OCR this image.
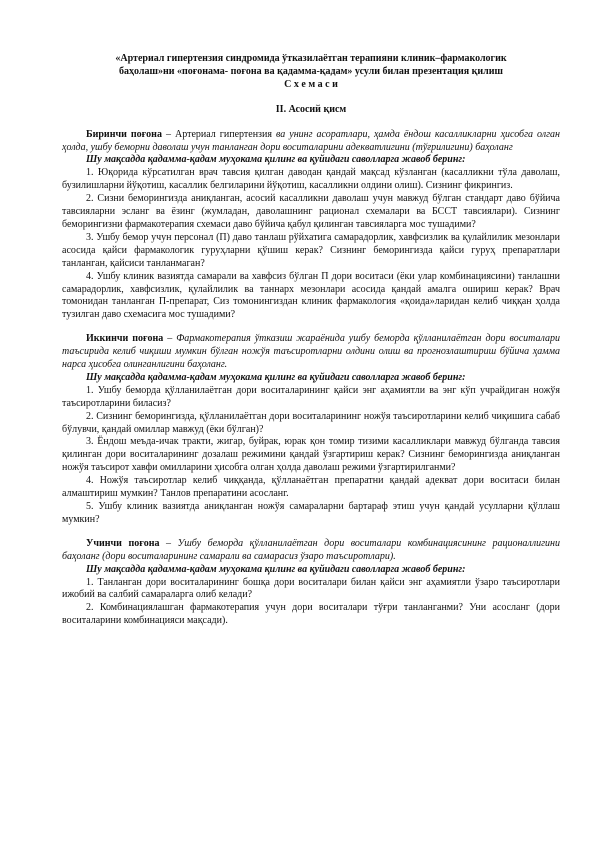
«Артериал гипертензия синдромида ўтказилаётган терапияни клиник–фармакологик
баҳолаш»ни «поғонама- поғона ва қадамма-қадам» усули билан презентация қилиш
С х е м а с и
II. Асосий қисм

Биринчи поғона – Артериал гипертензия ва унинг асоратлари, ҳамда ёндош касалликларни ҳисобга олган ҳолда, ушбу беморни даволаш учун танланган дори воситаларини адекватлигини (тўғрилигини) баҳоланг

Шу мақсадда қадамма-қадам муҳокама қилинг ва қуйидаги саволларга жавоб беринг:

1. Юқорида кўрсатилган врач тавсия қилган даводан қандай мақсад кўзланган (касалликни тўла даволаш, бузилишларни йўқотиш, касаллик белгиларини йўқотиш, касалликни олдини олиш). Сизнинг фикрингиз.

2. Сизни беморингизда аниқланган, асосий касалликни даволаш учун мавжуд бўлган стандарт даво бўйича тавсияларни эсланг ва ёзинг (жумладан, даволашнинг рационал схемалари ва БССТ тавсиялари). Сизнинг беморингизни фармакотерапия схемаси даво бўйича қабул қилинган тавсияларга мос тушадими?

3. Ушбу бемор учун персонал (П) даво танлаш рўйхатига самарадорлик, хавфсизлик ва қулайлилик мезонлари асосида қайси фармакологик гуруҳларни қўшиш керак? Сизнинг беморингизда қайси гуруҳ препаратлари танланган, қайсиси танланмаган?

4. Ушбу клиник вазиятда самарали ва хавфсиз бўлган П дори воситаси (ёки улар комбинациясини) танлашни самарадорлик, хавфсизлик, қулайлилик ва таннарх мезонлари асосида қандай амалга ошириш керак? Врач томонидан танланган П-препарат, Сиз томонингиздан клиник фармакология «қоида»ларидан келиб чиққан ҳолда тузилган даво схемасига мос тушадими?

Иккинчи поғона – Фармакотерапия ўтказиш жараёнида ушбу беморда қўлланилаётган дори воситалари таъсирида келиб чиқиши мумкин бўлган ножўя таъсиротларни олдини олиш ва прогнозлаштириш бўйича ҳамма нарса ҳисобга олинганлигини баҳоланг.

Шу мақсадда қадамма-қадам муҳокама қилинг ва қуйидаги саволларга жавоб беринг:

1. Ушбу беморда қўлланилаётган дори воситаларининг қайси энг аҳамиятли ва энг кўп учрайдиган ножўя таъсиротларини биласиз?

2. Сизнинг беморингизда, қўлланилаётган дори воситаларининг ножўя таъсиротларини келиб чиқишига сабаб бўлувчи, қандай омиллар мавжуд (ёки бўлган)?

3. Ёндош меъда-ичак тракти, жигар, буйрак, юрак қон томир тизими касалликлари мавжуд бўлганда тавсия қилинган дори воситаларининг дозалаш режимини қандай ўзгартириш керак? Сизнинг беморингизда аниқланган ножўя таъсирот хавфи омилларини ҳисобга олган ҳолда даволаш режими ўзгартирилганми?

4. Ножўя таъсиротлар келиб чиққанда, қўлланаётган препаратни қандай адекват дори воситаси билан алмаштириш мумкин? Танлов препаратини асосланг.

5. Ушбу клиник вазиятда аниқланган ножўя самараларни бартараф этиш учун қандай усулларни қўллаш мумкин?

Учинчи поғона – Ушбу беморда қўлланилаётган дори воситалари комбинациясининг рационаллигини баҳоланг (дори воситаларининг самарали ва самарасиз ўзаро таъсиротлари).

Шу мақсадда қадамма-қадам муҳокама қилинг ва қуйидаги саволларга жавоб беринг:

1. Танланган дори воситаларининг бошқа дори воситалари билан қайси энг аҳамиятли ўзаро таъсиротлари ижобий ва салбий самараларга олиб келади?

2. Комбинациялашган фармакотерапия учун дори воситалари тўғри танланганми? Уни асосланг (дори воситаларини комбинацияси мақсади).
